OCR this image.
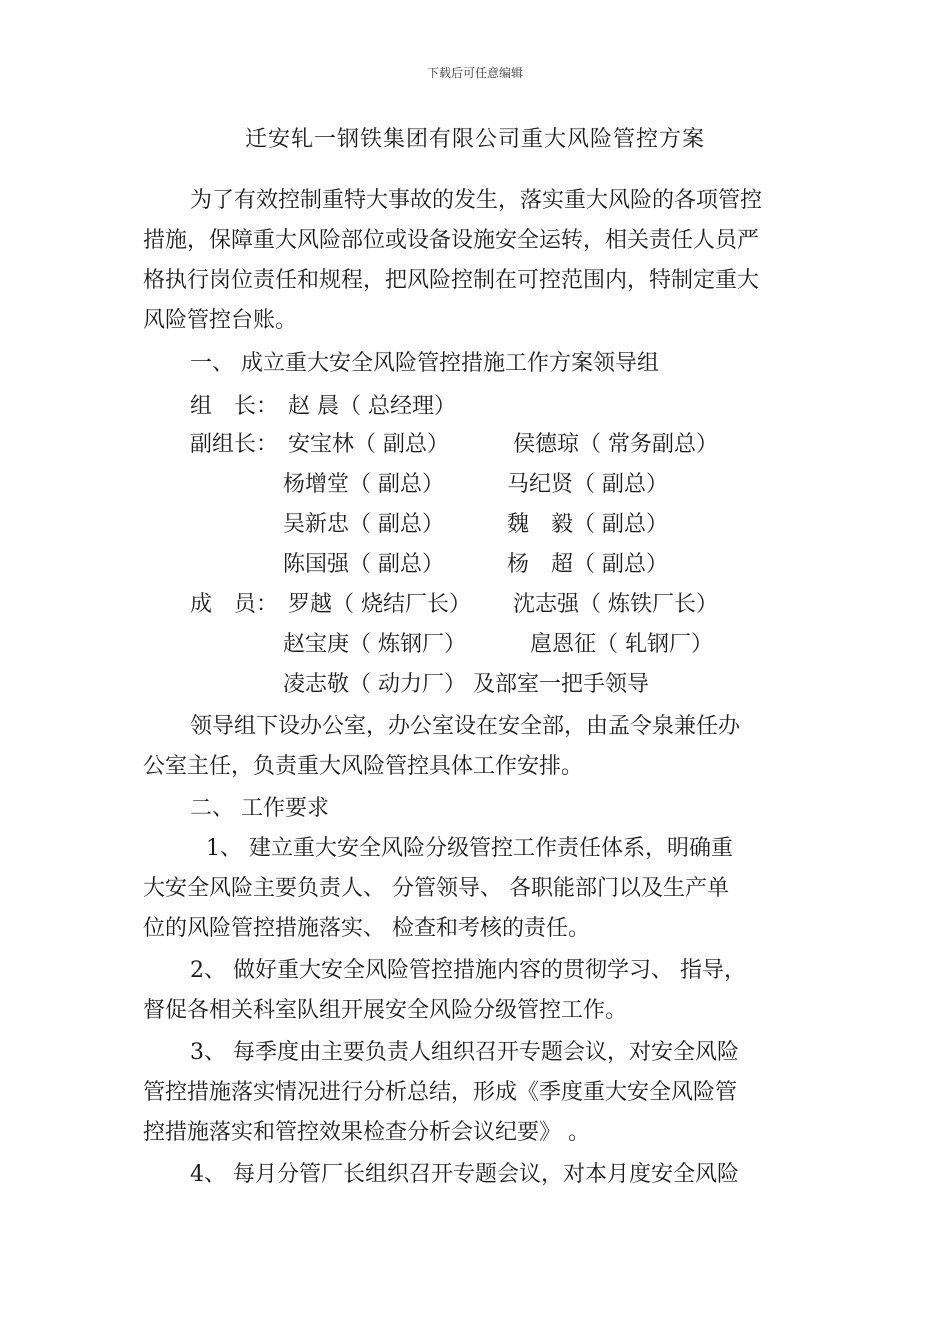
下载后可任意编辑
迁安轧一钢铁集团有限公司重大风险管控方案
为了有效控制重特大事故的发生，落实重大风险的各项管控
措施，保障重大风险部位或设备设施安全运转，相关责任人员严
格执行岗位责任和规程，把风险控制在可控范围内，特制定重大
风险管控台账。
一、 成立重大安全风险管控措施工作方案领导组
组　长： 赵 晨（ 总经理）
副组长： 安宝林（ 副总）	侯德琼（ 常务副总）
杨增堂（ 副总）	马纪贤（ 副总）
吴新忠（ 副总）	魏　毅（ 副总）
陈国强（ 副总）	杨　超（ 副总）
成　员： 罗越（ 烧结厂长） 沈志强（ 炼铁厂长）
赵宝庚（ 炼钢厂）	扈恩征（ 轧钢厂）
凌志敬（ 动力厂） 及部室一把手领导
领导组下设办公室，办公室设在安全部，由孟令泉兼任办
公室主任，负责重大风险管控具体工作安排。
二、 工作要求
1、 建立重大安全风险分级管控工作责任体系，明确重
大安全风险主要负责人、 分管领导、 各职能部门以及生产单
位的风险管控措施落实、 检查和考核的责任。
2、 做好重大安全风险管控措施内容的贯彻学习、 指导，
督促各相关科室队组开展安全风险分级管控工作。
3、 每季度由主要负责人组织召开专题会议，对安全风险
管控措施落实情况进行分析总结，形成《季度重大安全风险管
控措施落实和管控效果检查分析会议纪要》 。
4、 每月分管厂长组织召开专题会议，对本月度安全风险
